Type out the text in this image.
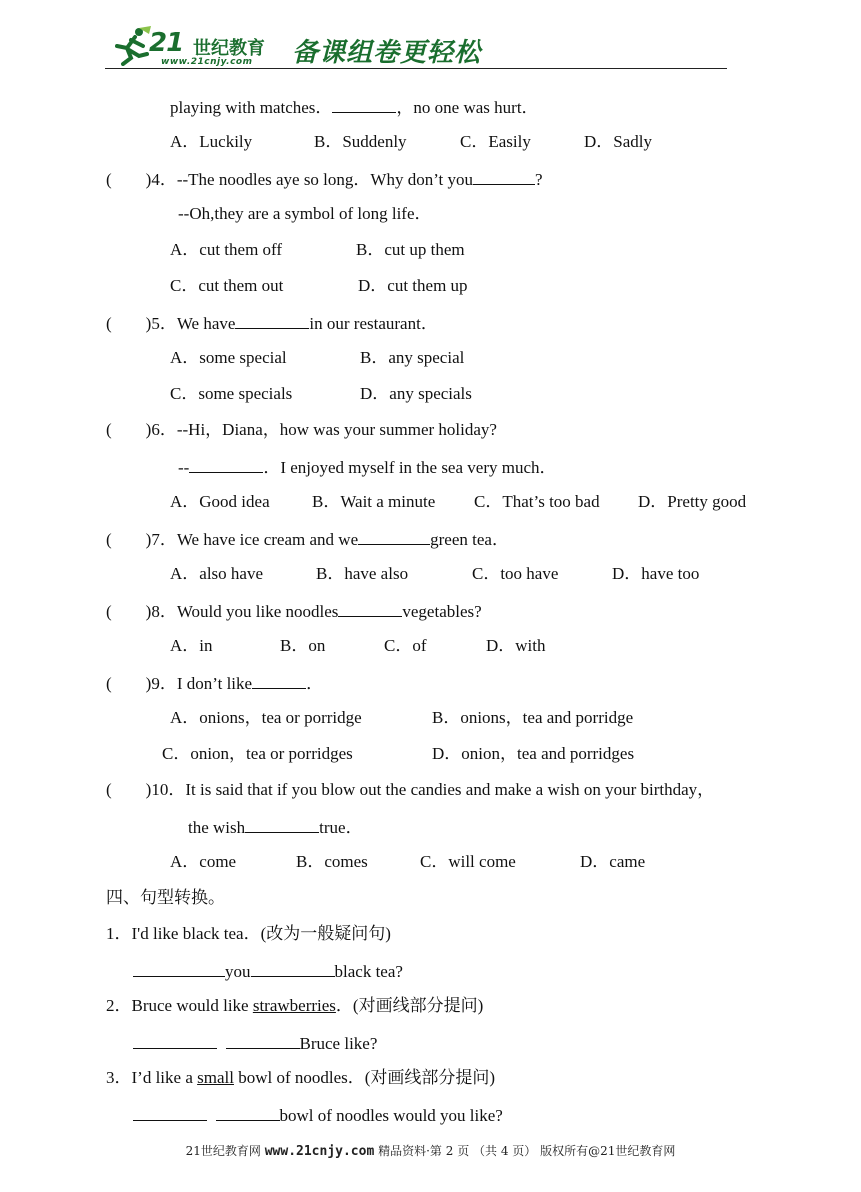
21 世纪教育
www.21cnjy.com 备课组卷更轻松
playing with matches．	，no one was hurt．
A．Luckily	B．Suddenly	C．Easily	D．Sadly
( )4．--The noodles aye so long．Why don’t you	?
--Oh,they are a symbol of long life．
A．cut them off	B．cut up them
C．cut them out	D．cut them up
( )5．We have	in our restaurant．
A．some special	B．any special
C．some specials	D．any specials
( )6．--Hi，Diana，how was your summer holiday?
--	．I enjoyed myself in the sea very much．
A．Good idea B．Wait a minute C．That’s too bad D．Pretty good
( )7．We have ice cream and we	green tea．
A．also have	B．have also	C．too have	D．have too
( )8．Would you like noodles	vegetables?
A．in	B．on	C．of	D．with
( )9．I don’t like	．
A．onions，tea or porridge	B．onions，tea and porridge
C．onion，tea or porridges	D．onion，tea and porridges
( )10．It is said that if you blow out the candies and make a wish on your birthday，
the wish	true．
A．come	B．comes	C．will come	D．came
四、句型转换。
1．I'd like black tea．(改为一般疑问句)
you	black tea?
2．Bruce would like strawberries．(对画线部分提问)
Bruce like?
3．I’d like a small bowl of noodles．(对画线部分提问)
bowl of noodles would you like?
21世纪教育网 www.21cnjy.com 精品资料·第 2 页 （共 4 页） 版权所有@21世纪教育网
